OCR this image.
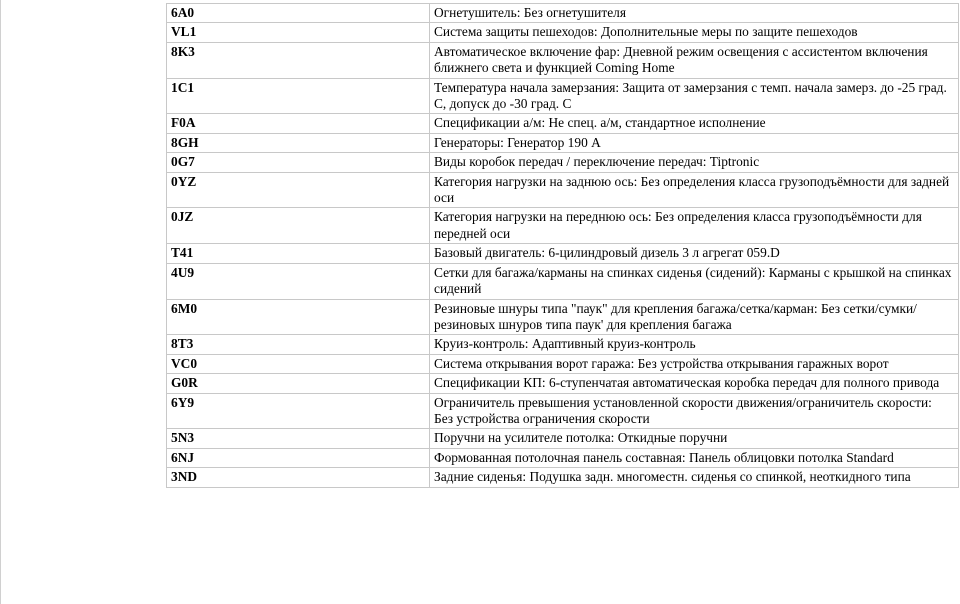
6A0	Огнетушитель: Без огнетушителя
VL1	Система защиты пешеходов: Дополнительные меры по защите пешеходов
8K3	Автоматическое включение фар: Дневной режим освещения с ассистентом включения ближнего света и функцией Coming Home
1C1	Температура начала замерзания: Защита от замерзания с темп. начала замерз. до -25 град. С, допуск до -30 град. С
F0A	Спецификации а/м: Не спец. а/м, стандартное исполнение
8GH	Генераторы: Генератор 190 А
0G7	Виды коробок передач / переключение передач: Tiptronic
0YZ	Категория нагрузки на заднюю ось: Без определения класса грузоподъёмности для задней оси
0JZ	Категория нагрузки на переднюю ось: Без определения класса грузоподъёмности для передней оси
T41	Базовый двигатель: 6-цилиндровый дизель 3 л агрегат 059.D
4U9	Сетки для багажа/карманы на спинках сиденья (сидений): Карманы с крышкой на спинках сидений
6M0	Резиновые шнуры типа "паук" для крепления багажа/сетка/карман: Без сетки/сумки/резиновых шнуров типа паук' для крепления багажа
8T3	Круиз-контроль: Адаптивный круиз-контроль
VC0	Система открывания ворот гаража: Без устройства открывания гаражных ворот
G0R	Спецификации КП: 6-ступенчатая автоматическая коробка передач для полного привода
6Y9	Ограничитель превышения установленной скорости движения/ограничитель скорости: Без устройства ограничения скорости
5N3	Поручни на усилителе потолка: Откидные поручни
6NJ	Формованная потолочная панель составная: Панель облицовки потолка Standard
3ND	Задние сиденья: Подушка задн. многоместн. сиденья со спинкой, неоткидного типа
